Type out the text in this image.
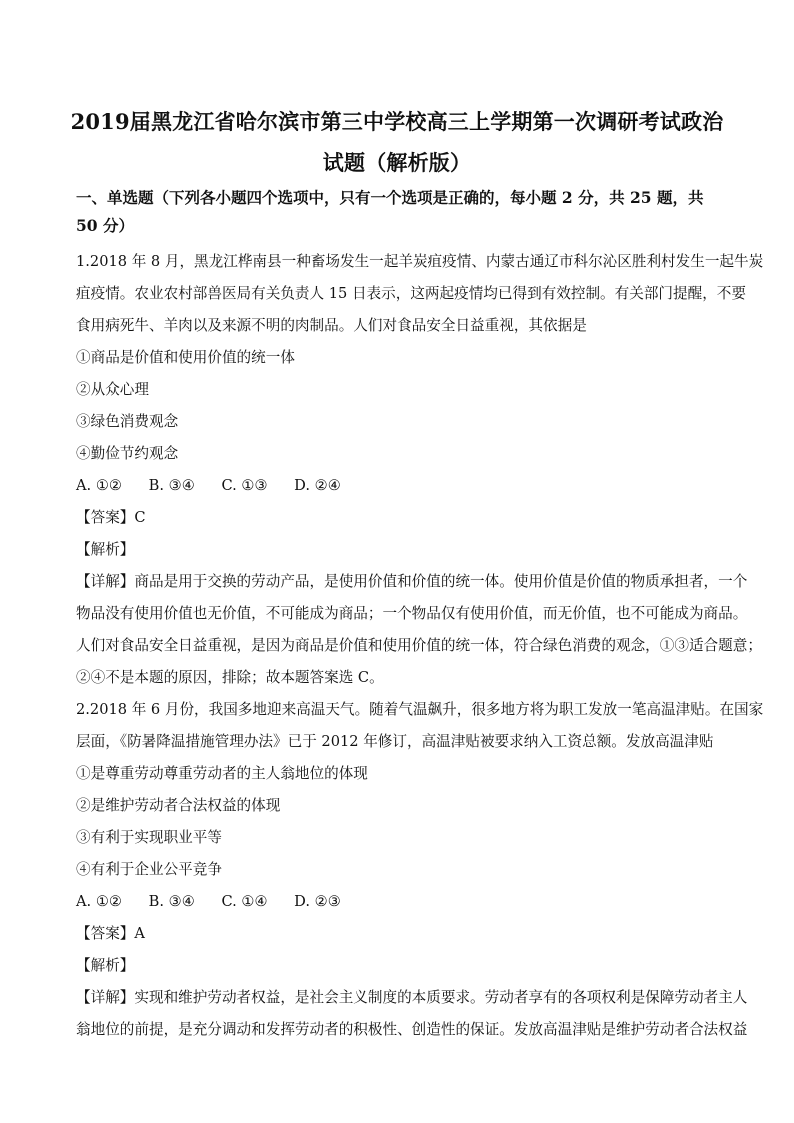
2019届黑龙江省哈尔滨市第三中学校高三上学期第一次调研考试政治
试题（解析版）
一、单选题（下列各小题四个选项中，只有一个选项是正确的，每小题 2 分，共 25 题，共 50 分）
1.2018 年 8 月，黑龙江桦南县一种畜场发生一起羊炭疽疫情、内蒙古通辽市科尔沁区胜利村发生一起牛炭
疽疫情。农业农村部兽医局有关负责人 15 日表示，这两起疫情均已得到有效控制。有关部门提醒，不要
食用病死牛、羊肉以及来源不明的肉制品。人们对食品安全日益重视，其依据是
①商品是价值和使用价值的统一体
②从众心理
③绿色消费观念
④勤俭节约观念
A. ①② B. ③④ C. ①③ D. ②④
【答案】C
【解析】
【详解】商品是用于交换的劳动产品，是使用价值和价值的统一体。使用价值是价值的物质承担者，一个
物品没有使用价值也无价值，不可能成为商品；一个物品仅有使用价值，而无价值，也不可能成为商品。
人们对食品安全日益重视，是因为商品是价值和使用价值的统一体，符合绿色消费的观念，①③适合题意；
②④不是本题的原因，排除；故本题答案选 C。
2.2018 年 6 月份，我国多地迎来高温天气。随着气温飙升，很多地方将为职工发放一笔高温津贴。在国家
层面，《防暑降温措施管理办法》已于 2012 年修订，高温津贴被要求纳入工资总额。发放高温津贴
①是尊重劳动尊重劳动者的主人翁地位的体现
②是维护劳动者合法权益的体现
③有利于实现职业平等
④有利于企业公平竞争
A. ①② B. ③④ C. ①④ D. ②③
【答案】A
【解析】
【详解】实现和维护劳动者权益，是社会主义制度的本质要求。劳动者享有的各项权利是保障劳动者主人
翁地位的前提，是充分调动和发挥劳动者的积极性、创造性的保证。发放高温津贴是维护劳动者合法权益
